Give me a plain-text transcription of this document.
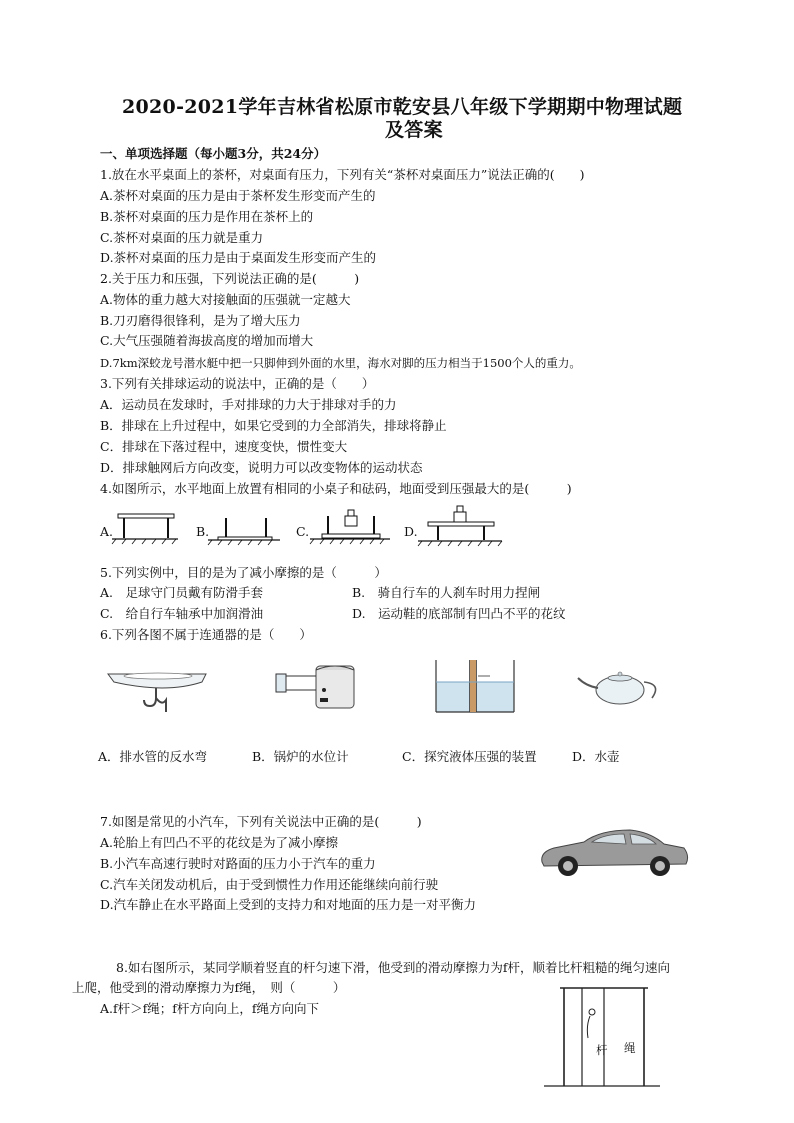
2020-2021学年吉林省松原市乾安县八年级下学期期中物理试题
及答案
一、单项选择题（每小题3分，共24分）
1.放在水平桌面上的茶杯，对桌面有压力，下列有关“茶杯对桌面压力”说法正确的(　　)
A.茶杯对桌面的压力是由于茶杯发生形变而产生的
B.茶杯对桌面的压力是作用在茶杯上的
C.茶杯对桌面的压力就是重力
D.茶杯对桌面的压力是由于桌面发生形变而产生的
2.关于压力和压强，下列说法正确的是(　　　)
A.物体的重力越大对接触面的压强就一定越大
B.刀刃磨得很锋利，是为了增大压力
C.大气压强随着海拔高度的增加而增大
D.7km深蛟龙号潜水艇中把一只脚伸到外面的水里，海水对脚的压力相当于1500个人的重力。
3.下列有关排球运动的说法中，正确的是（　　）
A．运动员在发球时，手对排球的力大于排球对手的力
B．排球在上升过程中，如果它受到的力全部消失，排球将静止
C．排球在下落过程中，速度变快，惯性变大
D．排球触网后方向改变，说明力可以改变物体的运动状态
4.如图所示，水平地面上放置有相同的小桌子和砝码，地面受到压强最大的是(　　　)
A.	B.	C.	D.
5.下列实例中，目的是为了减小摩擦的是（　　　）
A.　足球守门员戴有防滑手套	B.　骑自行车的人刹车时用力捏闸
C.　给自行车轴承中加润滑油	D.　运动鞋的底部制有凹凸不平的花纹
6.下列各图不属于连通器的是（　　）
A．排水管的反水弯	B．锅炉的水位计	C．探究液体压强的装置	D．水壶
7.如图是常见的小汽车，下列有关说法中正确的是(　　　)
A.轮胎上有凹凸不平的花纹是为了减小摩擦
B.小汽车高速行驶时对路面的压力小于汽车的重力
C.汽车关闭发动机后，由于受到惯性力作用还能继续向前行驶
D.汽车静止在水平路面上受到的支持力和对地面的压力是一对平衡力
8.如右图所示，某同学顺着竖直的杆匀速下滑，他受到的滑动摩擦力为f杆，顺着比杆粗糙的绳匀速向
上爬，他受到的滑动摩擦力为f绳，　则（　　　）
A.f杆＞f绳；f杆方向向上，f绳方向向下
杆 绳
